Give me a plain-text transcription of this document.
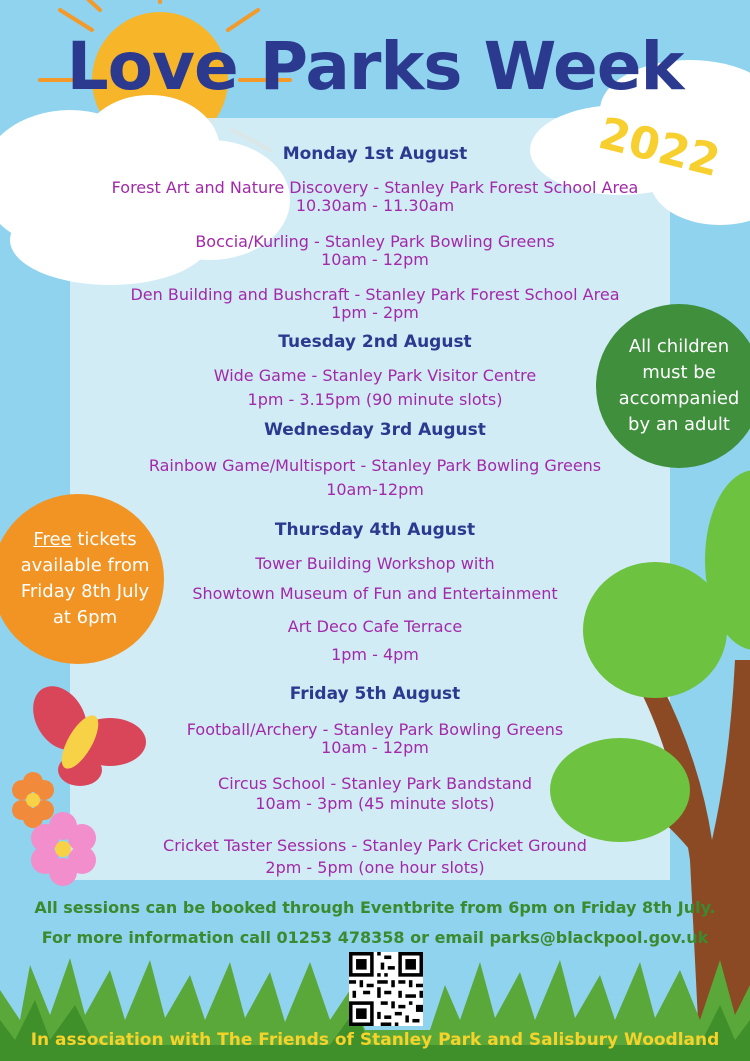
Love Parks Week
2022
Monday 1st August
Forest Art and Nature Discovery - Stanley Park Forest School Area
10.30am - 11.30am
Boccia/Kurling - Stanley Park Bowling Greens
10am - 12pm
Den Building and Bushcraft - Stanley Park Forest School Area
1pm - 2pm
Tuesday 2nd August
Wide Game - Stanley Park Visitor Centre
1pm - 3.15pm (90 minute slots)
Wednesday 3rd August
Rainbow Game/Multisport - Stanley Park Bowling Greens
10am-12pm
Thursday 4th August
Tower Building Workshop with
Showtown Museum of Fun and Entertainment
Art Deco Cafe Terrace
1pm - 4pm
Friday 5th August
Football/Archery - Stanley Park Bowling Greens
10am - 12pm
Circus School - Stanley Park Bandstand
10am - 3pm (45 minute slots)
Cricket Taster Sessions - Stanley Park Cricket Ground
2pm - 5pm (one hour slots)
All children
must be
accompanied
by an adult
Free tickets
available from
Friday 8th July
at 6pm
All sessions can be booked through Eventbrite from 6pm on Friday 8th July.
For more information call 01253 478358 or email parks@blackpool.gov.uk
In association with The Friends of Stanley Park and Salisbury Woodland
